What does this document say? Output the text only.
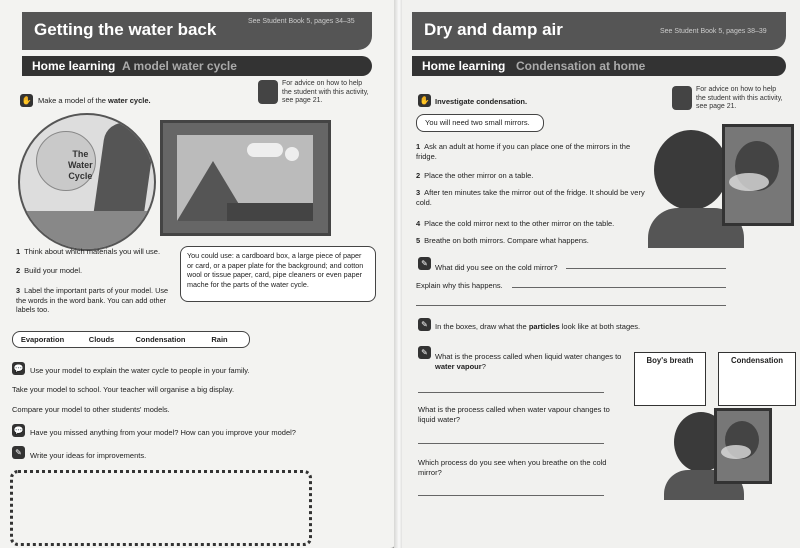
Getting the water back	See Student Book 5, pages 34–35
Home learning A model water cycle
For advice on how to help the student with this activity, see page 21.
✋ Make a model of the water cycle.
The
Water
Cycle
1 Think about which materials you will use.
2 Build your model.
3 Label the important parts of your model. Use the words in the word bank. You can add other labels too.
You could use: a cardboard box, a large piece of paper or card, or a paper plate for the background; and cotton wool or tissue paper, card, pipe cleaners or even paper mache for the parts of the water cycle.
Evaporation	Clouds	Condensation	Rain
💬 Use your model to explain the water cycle to people in your family.
Take your model to school. Your teacher will organise a big display.
Compare your model to other students' models.
💬 Have you missed anything from your model? How can you improve your model?
✎	Write your ideas for improvements.
Dry and damp air	See Student Book 5, pages 38–39
Home learning Condensation at home
For advice on how to help the student with this activity, see page 21.
✋ Investigate condensation.
You will need two small mirrors.
1 Ask an adult at home if you can place one of the mirrors in the fridge.
2 Place the other mirror on a table.
3 After ten minutes take the mirror out of the fridge. It should be very cold.
4 Place the cold mirror next to the other mirror on the table.
5 Breathe on both mirrors. Compare what happens.
✎ What did you see on the cold mirror?
Explain why this happens.
✎ In the boxes, draw what the particles look like at both stages.
✎ What is the process called when liquid water changes to water vapour?
What is the process called when water vapour changes to liquid water?
Which process do you see when you breathe on the cold mirror?
Boy's breath	Condensation
